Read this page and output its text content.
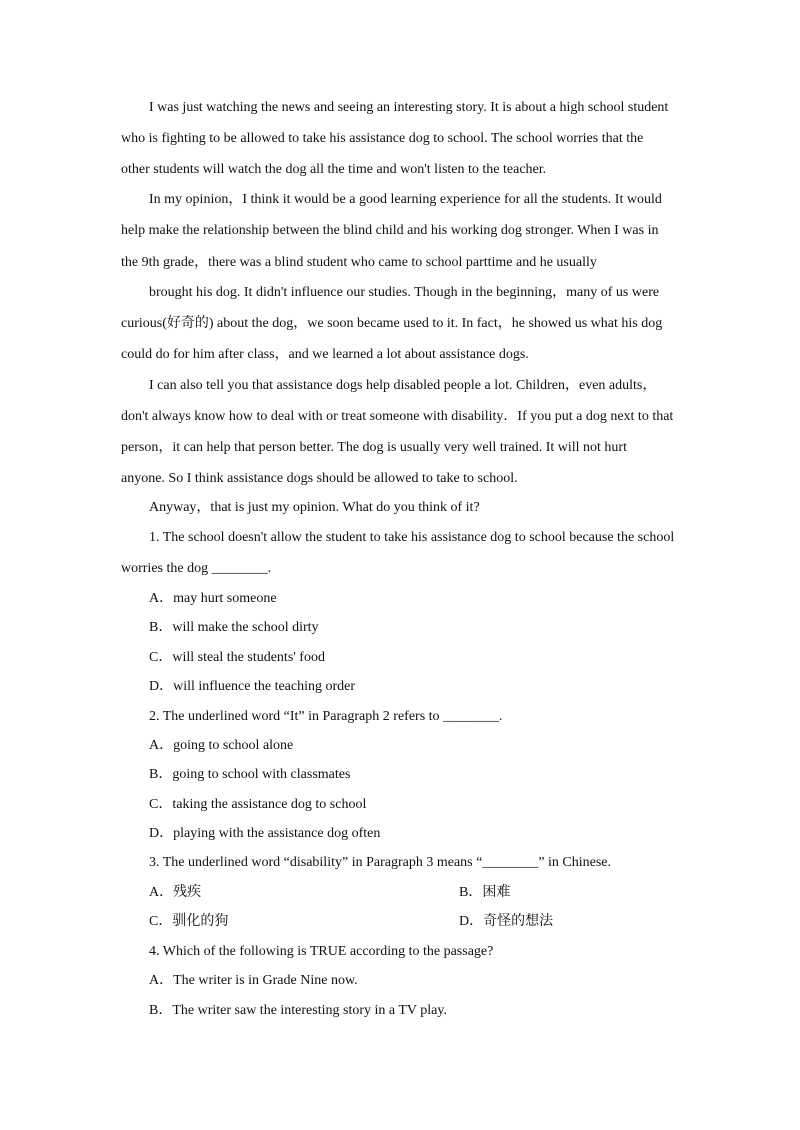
I was just watching the news and seeing an interesting story. It is about a high school student
who is fighting to be allowed to take his assistance dog to school. The school worries that the
other students will watch the dog all the time and won't listen to the teacher.
In my opinion，I think it would be a good learning experience for all the students. It would
help make the relationship between the blind child and his working dog stronger. When I was in
the 9th grade，there was a blind student who came to school parttime and he usually
brought his dog. It didn't influence our studies. Though in the beginning，many of us were
curious(好奇的) about the dog，we soon became used to it. In fact，he showed us what his dog
could do for him after class，and we learned a lot about assistance dogs.
I can also tell you that assistance dogs help disabled people a lot. Children，even adults，
don't always know how to deal with or treat someone with disability．If you put a dog next to that
person，it can help that person better. The dog is usually very well trained. It will not hurt
anyone. So I think assistance dogs should be allowed to take to school.
Anyway，that is just my opinion. What do you think of it?
1. The school doesn't allow the student to take his assistance dog to school because the school
worries the dog ________.
A．may hurt someone
B．will make the school dirty
C．will steal the students' food
D．will influence the teaching order
2. The underlined word “It” in Paragraph 2 refers to ________.
A．going to school alone
B．going to school with classmates
C．taking the assistance dog to school
D．playing with the assistance dog often
3. The underlined word “disability” in Paragraph 3 means “________” in Chinese.
A．残疾	B．困难
C．驯化的狗	D．奇怪的想法
4. Which of the following is TRUE according to the passage?
A．The writer is in Grade Nine now.
B．The writer saw the interesting story in a TV play.
